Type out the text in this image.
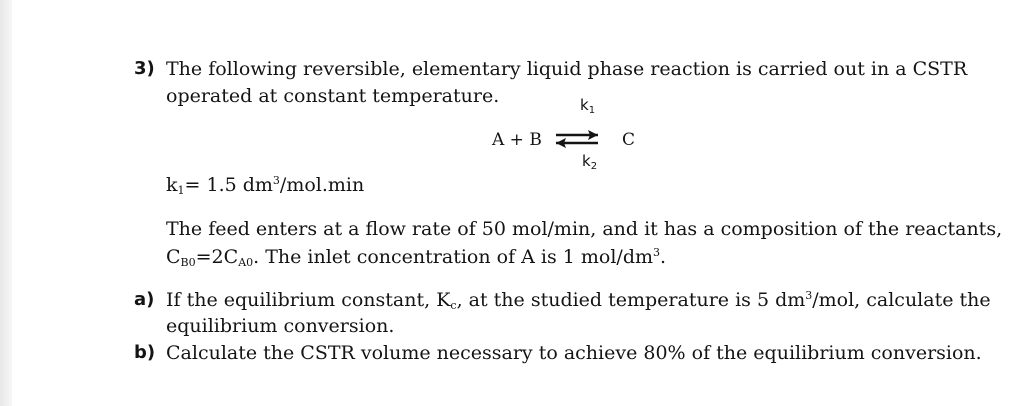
3) The following reversible, elementary liquid phase reaction is carried out in a CSTR
operated at constant temperature.	$k_1$
A + B ⇌ C
$k_2$
$k_1= 1.5$ $dm^3/mol.\min$
The feed enters at a flow rate of 50 mol/min, and it has a composition of the reactants,
$C_{B0}=2C_{A0}$. The inlet concentration of A is 1 mol/$dm^3$.
a) If the equilibrium constant, $K_c$, at the studied temperature is 5 $dm^3$/mol, calculate the
equilibrium conversion.
b) Calculate the CSTR volume necessary to achieve 80% of the equilibrium conversion.
